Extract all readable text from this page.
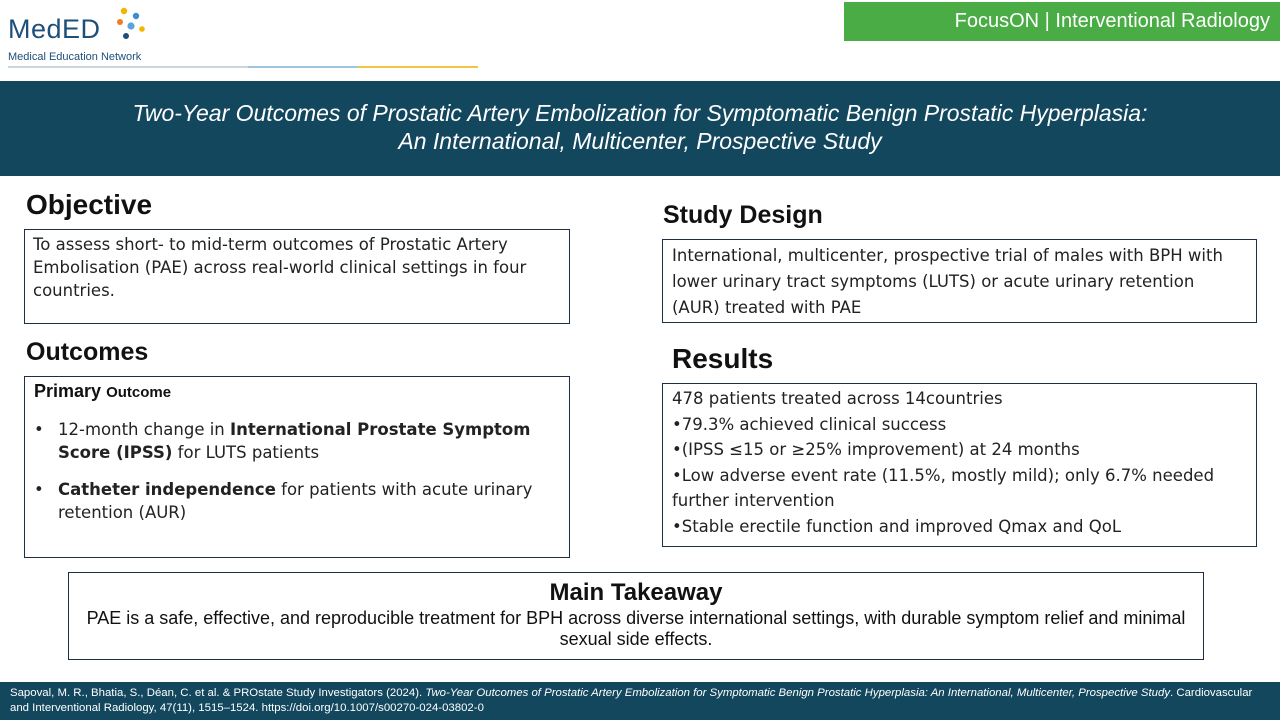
MedED
Medical Education Network
FocusON | Interventional Radiology
Two-Year Outcomes of Prostatic Artery Embolization for Symptomatic Benign Prostatic Hyperplasia:
An International, Multicenter, Prospective Study
Objective
To assess short- to mid-term outcomes of Prostatic Artery Embolisation (PAE) across real-world clinical settings in four countries.
Study Design
International, multicenter, prospective trial of males with BPH with lower urinary tract symptoms (LUTS) or acute urinary retention (AUR) treated with PAE
Outcomes
Primary Outcome
• 12-month change in International Prostate Symptom Score (IPSS) for LUTS patients
• Catheter independence for patients with acute urinary retention (AUR)
Results
478 patients treated across 14countries
•79.3% achieved clinical success
•(IPSS ≤15 or ≥25% improvement) at 24 months
•Low adverse event rate (11.5%, mostly mild); only 6.7% needed further intervention
•Stable erectile function and improved Qmax and QoL
Main Takeaway
PAE is a safe, effective, and reproducible treatment for BPH across diverse international settings, with durable symptom relief and minimal sexual side effects.
Sapoval, M. R., Bhatia, S., Déan, C. et al. & PROstate Study Investigators (2024). Two-Year Outcomes of Prostatic Artery Embolization for Symptomatic Benign Prostatic Hyperplasia: An International, Multicenter, Prospective Study. Cardiovascular and Interventional Radiology, 47(11), 1515–1524. https://doi.org/10.1007/s00270-024-03802-0
